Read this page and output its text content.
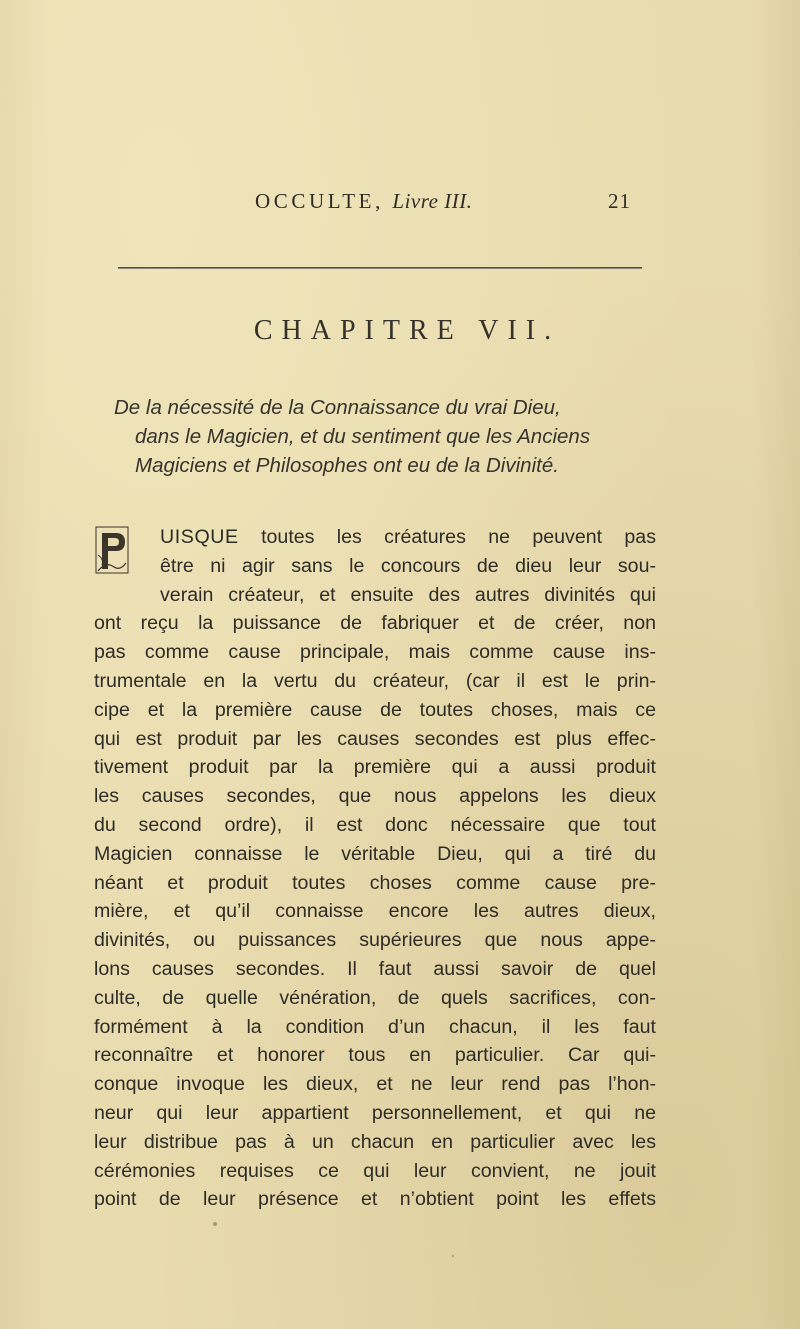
OCCULTE, Livre III.	21
CHAPITRE VII.
De la nécessité de la Connaissance du vrai Dieu,
dans le Magicien, et du sentiment que les Anciens
Magiciens et Philosophes ont eu de la Divinité.
UISQUE toutes les créatures ne peuvent pas
être ni agir sans le concours de dieu leur sou-
verain créateur, et ensuite des autres divinités qui
ont reçu la puissance de fabriquer et de créer, non
pas comme cause principale, mais comme cause ins-
trumentale en la vertu du créateur, (car il est le prin-
cipe et la première cause de toutes choses, mais ce
qui est produit par les causes secondes est plus effec-
tivement produit par la première qui a aussi produit
les causes secondes, que nous appelons les dieux
du second ordre), il est donc nécessaire que tout
Magicien connaisse le véritable Dieu, qui a tiré du
néant et produit toutes choses comme cause pre-
mière, et qu’il connaisse encore les autres dieux,
divinités, ou puissances supérieures que nous appe-
lons causes secondes. Il faut aussi savoir de quel
culte, de quelle vénération, de quels sacrifices, con-
formément à la condition d’un chacun, il les faut
reconnaître et honorer tous en particulier. Car qui-
conque invoque les dieux, et ne leur rend pas l’hon-
neur qui leur appartient personnellement, et qui ne
leur distribue pas à un chacun en particulier avec les
cérémonies requises ce qui leur convient, ne jouit
point de leur présence et n’obtient point les effets
